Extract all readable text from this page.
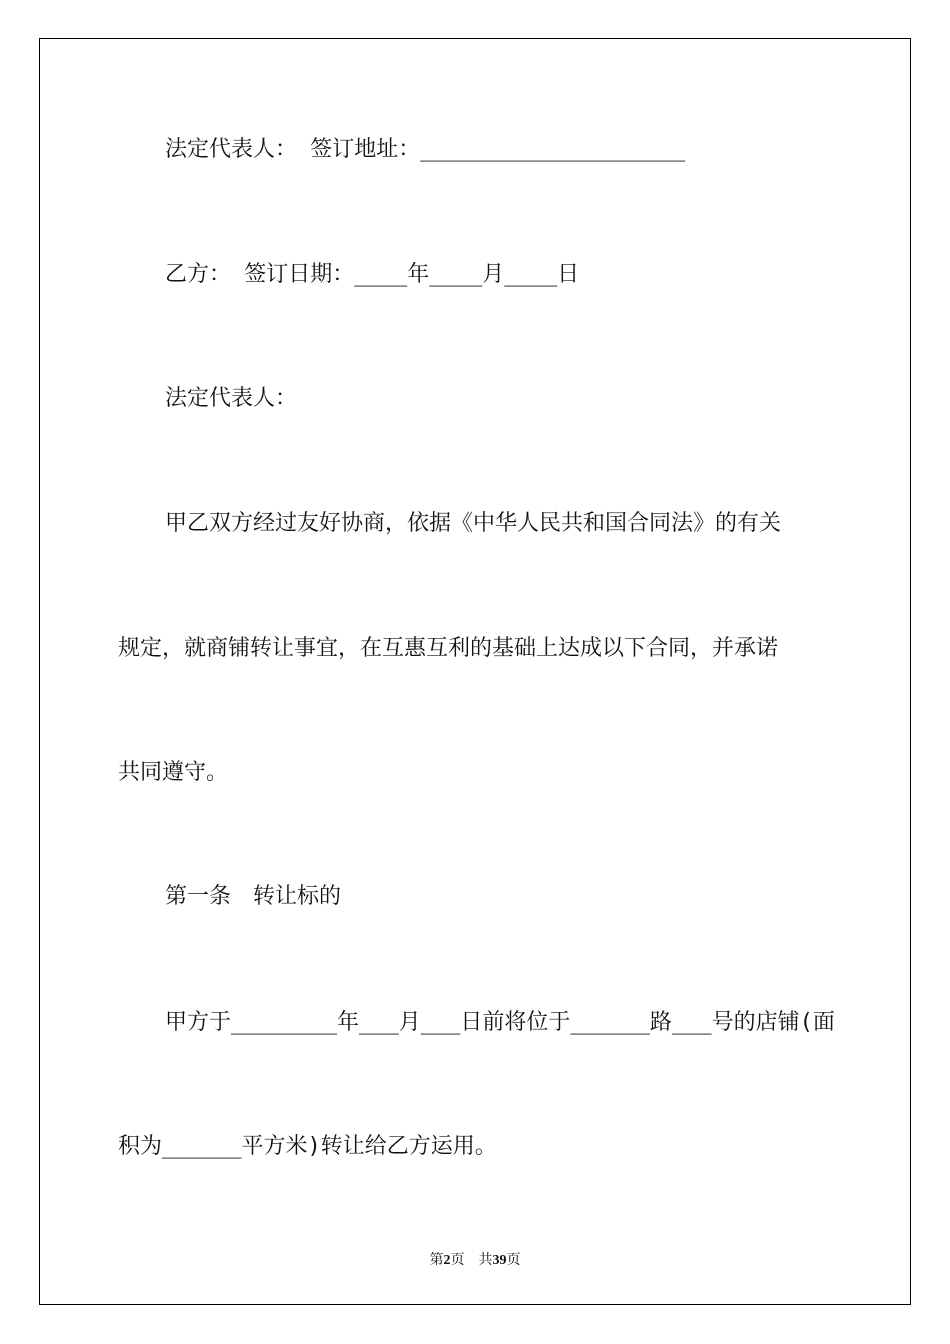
法定代表人： 签订地址：____________________
乙方： 签订日期：____年____月____日
法定代表人：
甲乙双方经过友好协商，依据《中华人民共和国合同法》的有关
规定，就商铺转让事宜，在互惠互利的基础上达成以下合同，并承诺
共同遵守。
第一条　转让标的
甲方于________年___月___日前将位于______路___号的店铺(面
积为______平方米)转让给乙方运用。
第2页　共39页
